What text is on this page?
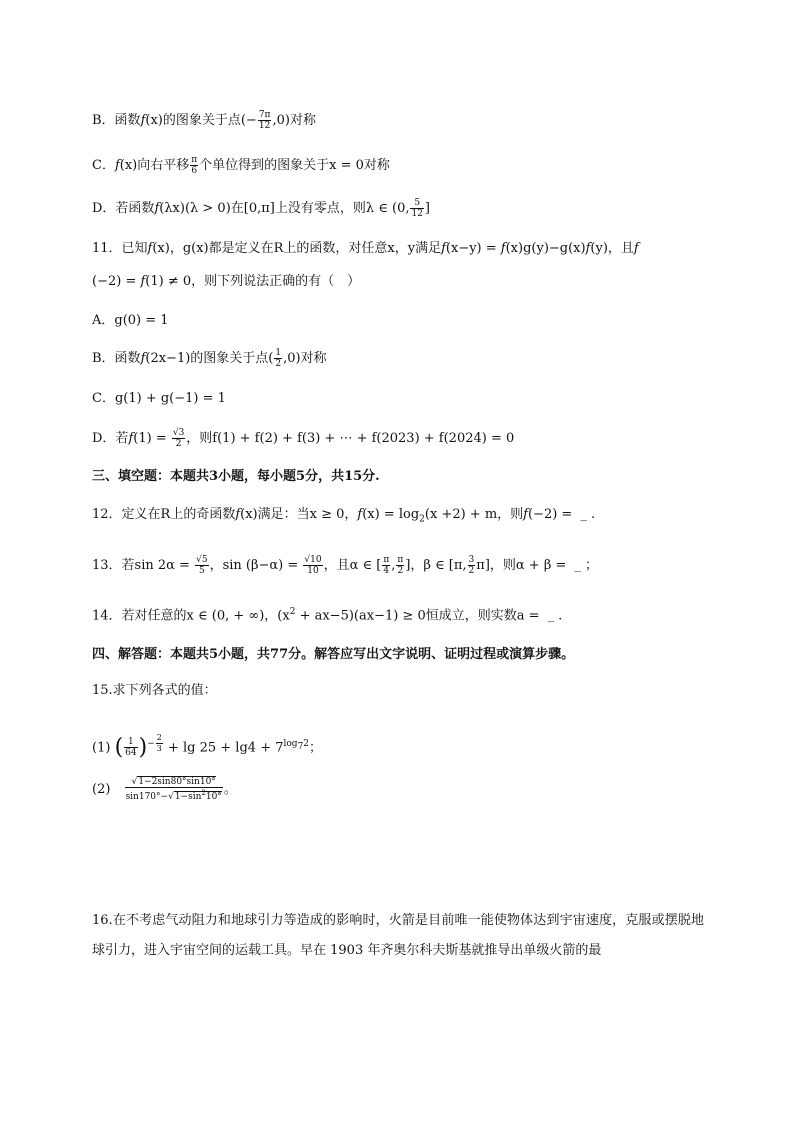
B．函数f(x)的图象关于点(− $\frac{7\pi}{12} ,0$)对称
C．f(x)向右平移 $\frac{\pi}{6}$ 个单位得到的图象关于x = 0对称
D．若函数f(λx)(λ > 0)在[0,π]上没有零点，则λ ∈ (0, $\frac{5}{12}$ ]
11．已知f(x)，g(x)都是定义在R上的函数，对任意x，y满足f(x−y) = f(x)g(y)−g(x)f(y)，且f
(−2) = f(1) ≠ 0，则下列说法正确的有（　）
A．g(0) = 1
B．函数f(2x−1)的图象关于点( $\frac{1}{2} ,0$)对称
C．g(1) + g(−1) = 1
D．若$f(1) = \frac{√3}{2}$ ，则f(1) + f(2) + f(3) + ⋯ + f(2023) + f(2024) = 0
三、填空题：本题共3小题，每小题5分，共15分.
12．定义在R上的奇函数f(x)满足：当x ≥ 0，$f(x) = \log_2(x +2) + m$，则f(−2) = _ .
13．若$\sin 2\alpha = \frac{√5}{5}$ ，$\sin (\beta-\alpha) = \frac{√10}{10}$ ，且α ∈ [ $\frac{\pi}{4}$ , $\frac{\pi}{2}$ ]，β ∈ [π, $\frac{3}{2} \pi$]，则α + β = _ ；
14．若对任意的x ∈ (0, + ∞)，$(x^2 + ax-5)(ax-1) \ge 0$恒成立，则实数a = _ .
四、解答题：本题共5小题，共77分。解答应写出文字说明、证明过程或演算步骤。
15.求下列各式的值：
(1) ( $\frac{1}{64} )^{- \frac{2}{3}} + \lg 25 + \lg 4 + 7^{log72}$；
$(2) \frac{√1-2\sin 80^\circ\sin 10^\circ}{\sin 170^\circ-√1-\sin^210^\circ}$ 。
16.在不考虑气动阻力和地球引力等造成的影响时，火箭是目前唯一能使物体达到宇宙速度，克服或摆脱地球引力，进入宇宙空间的运载工具。早在 1903 年齐奥尔科夫斯基就推导出单级火箭的最
